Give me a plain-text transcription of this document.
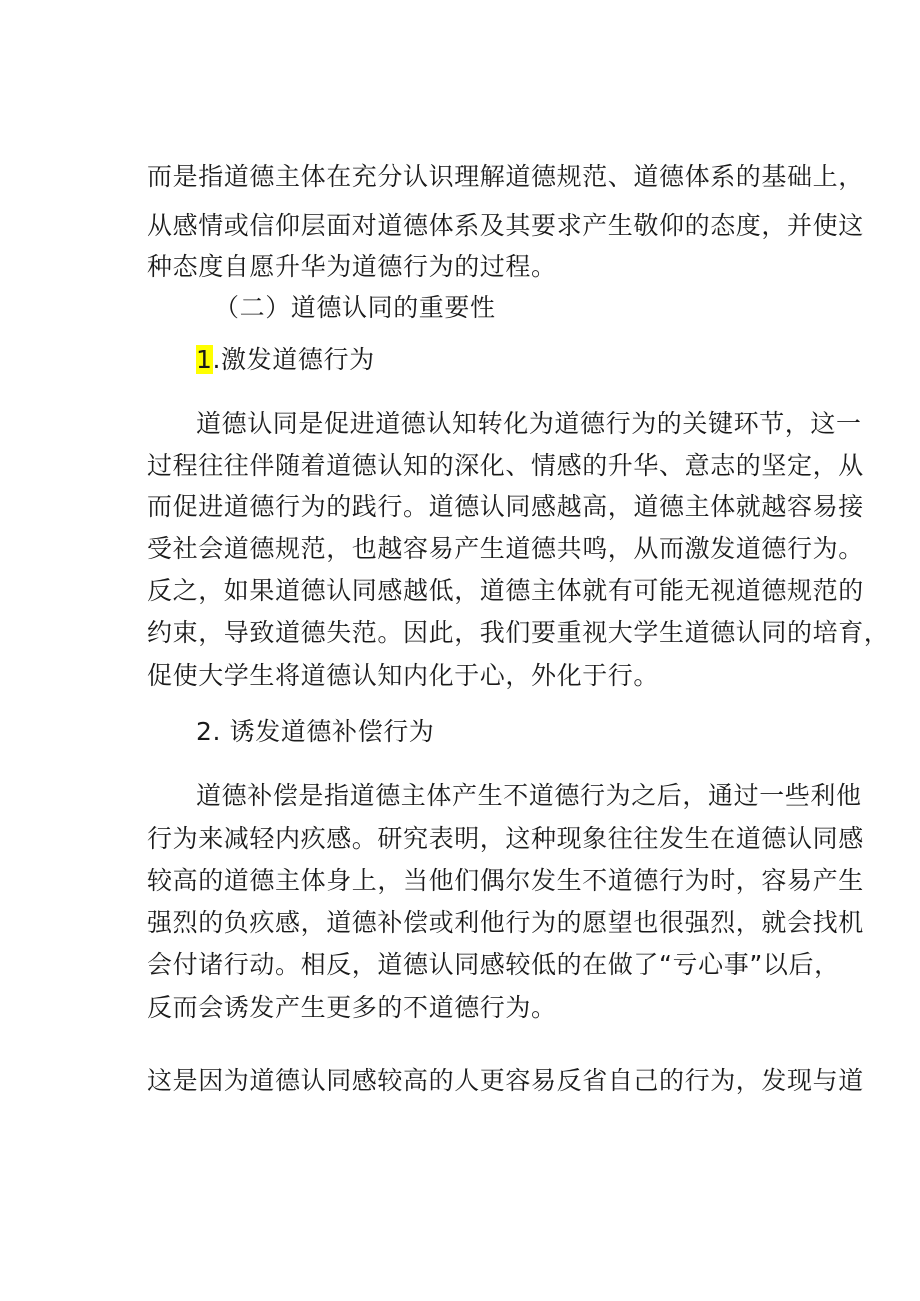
而是指道德主体在充分认识理解道德规范、道德体系的基础上，
从感情或信仰层面对道德体系及其要求产生敬仰的态度，并使这
种态度自愿升华为道德行为的过程。
（二）道德认同的重要性
1.激发道德行为
道德认同是促进道德认知转化为道德行为的关键环节，这一
过程往往伴随着道德认知的深化、情感的升华、意志的坚定，从
而促进道德行为的践行。道德认同感越高，道德主体就越容易接
受社会道德规范，也越容易产生道德共鸣，从而激发道德行为。
反之，如果道德认同感越低，道德主体就有可能无视道德规范的
约束，导致道德失范。因此，我们要重视大学生道德认同的培育，
促使大学生将道德认知内化于心，外化于行。
2. 诱发道德补偿行为
道德补偿是指道德主体产生不道德行为之后，通过一些利他
行为来减轻内疚感。研究表明，这种现象往往发生在道德认同感
较高的道德主体身上，当他们偶尔发生不道德行为时，容易产生
强烈的负疚感，道德补偿或利他行为的愿望也很强烈，就会找机
会付诸行动。相反，道德认同感较低的在做了“亏心事”以后，
反而会诱发产生更多的不道德行为。
这是因为道德认同感较高的人更容易反省自己的行为，发现与道
